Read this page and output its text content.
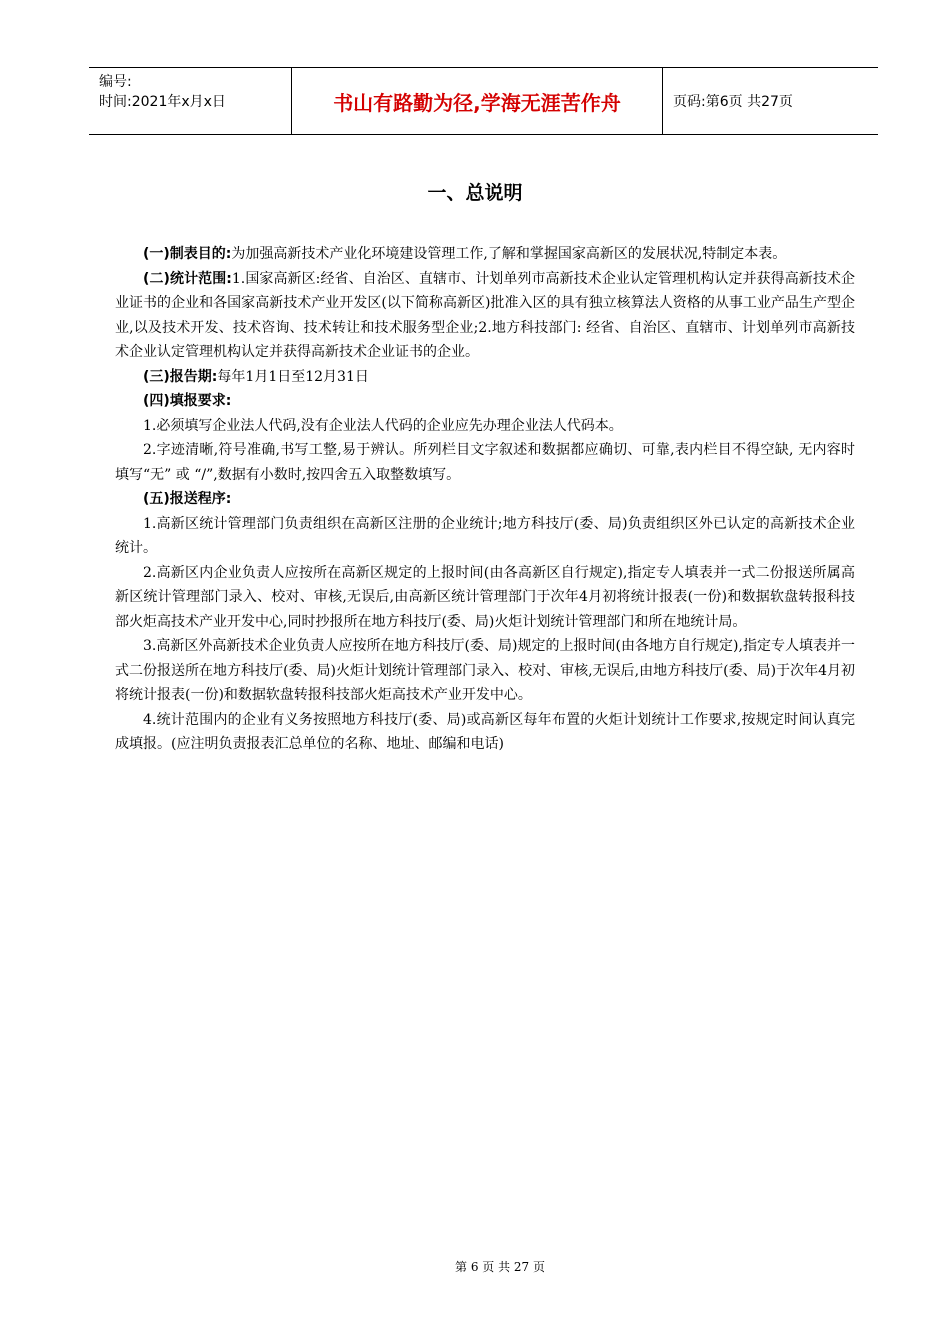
编号:
时间:2021年x月x日	书山有路勤为径,学海无涯苦作舟	页码:第6页 共27页
一、总说明

(一)制表目的:为加强高新技术产业化环境建设管理工作,了解和掌握国家高新区的发展状况,特制定本表。

(二)统计范围:1.国家高新区:经省、自治区、直辖市、计划单列市高新技术企业认定管理机构认定并获得高新技术企业证书的企业和各国家高新技术产业开发区(以下简称高新区)批准入区的具有独立核算法人资格的从事工业产品生产型企业,以及技术开发、技术咨询、技术转让和技术服务型企业;2.地方科技部门: 经省、自治区、直辖市、计划单列市高新技术企业认定管理机构认定并获得高新技术企业证书的企业。

(三)报告期:每年1月1日至12月31日

(四)填报要求:

1.必须填写企业法人代码,没有企业法人代码的企业应先办理企业法人代码本。

2.字迹清晰,符号准确,书写工整,易于辨认。所列栏目文字叙述和数据都应确切、可靠,表内栏目不得空缺, 无内容时填写“无” 或 “/”,数据有小数时,按四舍五入取整数填写。

(五)报送程序:

1.高新区统计管理部门负责组织在高新区注册的企业统计;地方科技厅(委、局)负责组织区外已认定的高新技术企业统计。

2.高新区内企业负责人应按所在高新区规定的上报时间(由各高新区自行规定),指定专人填表并一式二份报送所属高新区统计管理部门录入、校对、审核,无误后,由高新区统计管理部门于次年4月初将统计报表(一份)和数据软盘转报科技部火炬高技术产业开发中心,同时抄报所在地方科技厅(委、局)火炬计划统计管理部门和所在地统计局。

3.高新区外高新技术企业负责人应按所在地方科技厅(委、局)规定的上报时间(由各地方自行规定),指定专人填表并一式二份报送所在地方科技厅(委、局)火炬计划统计管理部门录入、校对、审核,无误后,由地方科技厅(委、局)于次年4月初将统计报表(一份)和数据软盘转报科技部火炬高技术产业开发中心。

4.统计范围内的企业有义务按照地方科技厅(委、局)或高新区每年布置的火炬计划统计工作要求,按规定时间认真完成填报。(应注明负责报表汇总单位的名称、地址、邮编和电话)

第 6 页 共 27 页
